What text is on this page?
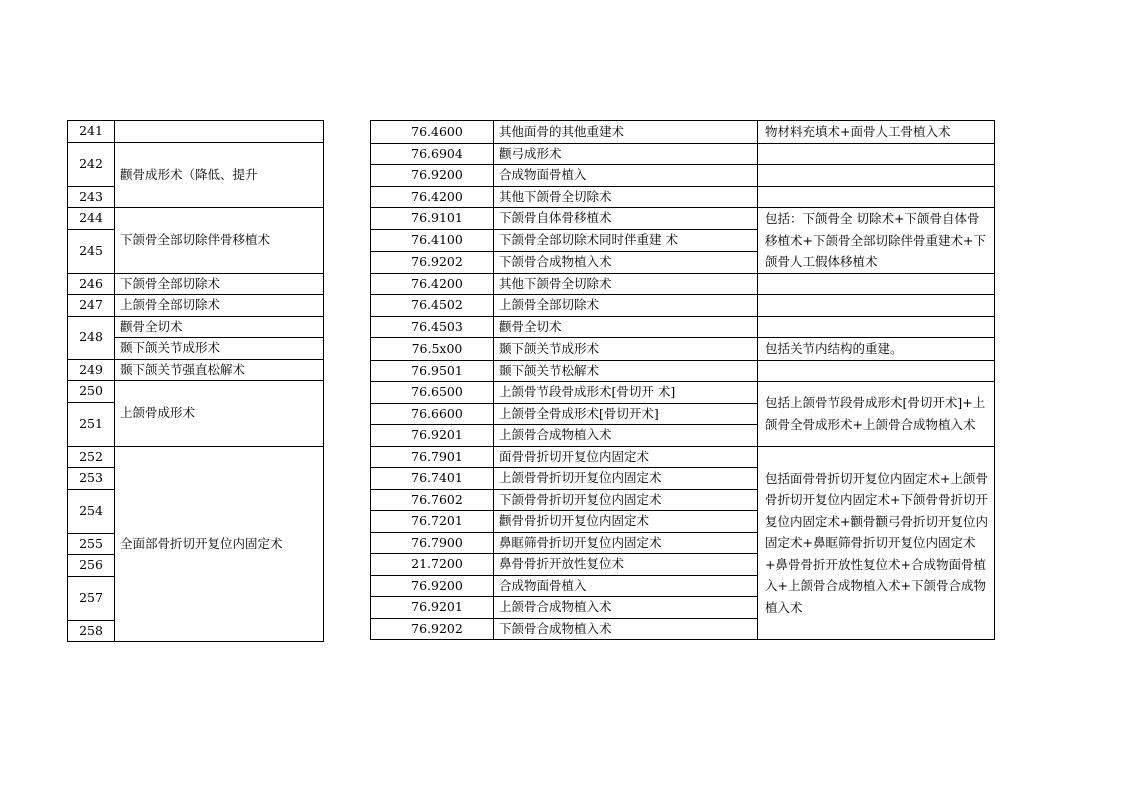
241	
242	颧骨成形术（降低、提升
243	
244	下颌骨全部切除伴骨移植术
245	
246	下颌骨全部切除术
247	上颌骨全部切除术
248	颧骨全切术
	颞下颌关节成形术
249	颞下颌关节强直松解术
250	上颌骨成形术
251	
252	全面部骨折切开复位内固定术
253	
254	
255	
256	
257	
258	
76.4600	其他面骨的其他重建术	物材料充填术+面骨人工骨植入术
76.6904	颧弓成形术	
76.9200	合成物面骨植入	
76.4200	其他下颌骨全切除术	
76.9101	下颌骨自体骨移植术	包括：下颌骨全 切除术+下颌骨自体骨移植术+下颌骨全部切除伴骨重建术+下颌骨人工假体移植术
76.4100	下颌骨全部切除术同时伴重建 术	
76.9202	下颌骨合成物植入术	
76.4200	其他下颌骨全切除术	
76.4502	上颌骨全部切除术	
76.4503	颧骨全切术	
76.5x00	颞下颌关节成形术	包括关节内结构的重建。
76.9501	颞下颌关节松解术	
76.6500	上颌骨节段骨成形术[骨切开 术]	包括上颌骨节段骨成形术[骨切开术]+上颌骨全骨成形术+上颌骨合成物植入术
76.6600	上颌骨全骨成形术[骨切开术]	
76.9201	上颌骨合成物植入术	
76.7901	面骨骨折切开复位内固定术	包括面骨骨折切开复位内固定术+上颌骨骨折切开复位内固定术+下颌骨骨折切开复位内固定术+颧骨颧弓骨折切开复位内固定术+鼻眶筛骨折切开复位内固定术+鼻骨骨折开放性复位术+合成物面骨植入+上颌骨合成物植入术+下颌骨合成物植入术
76.7401	上颌骨骨折切开复位内固定术	
76.7602	下颌骨骨折切开复位内固定术	
76.7201	颧骨骨折切开复位内固定术	
76.7900	鼻眶筛骨折切开复位内固定术	
21.7200	鼻骨骨折开放性复位术	
76.9200	合成物面骨植入	
76.9201	上颌骨合成物植入术	
76.9202	下颌骨合成物植入术	
